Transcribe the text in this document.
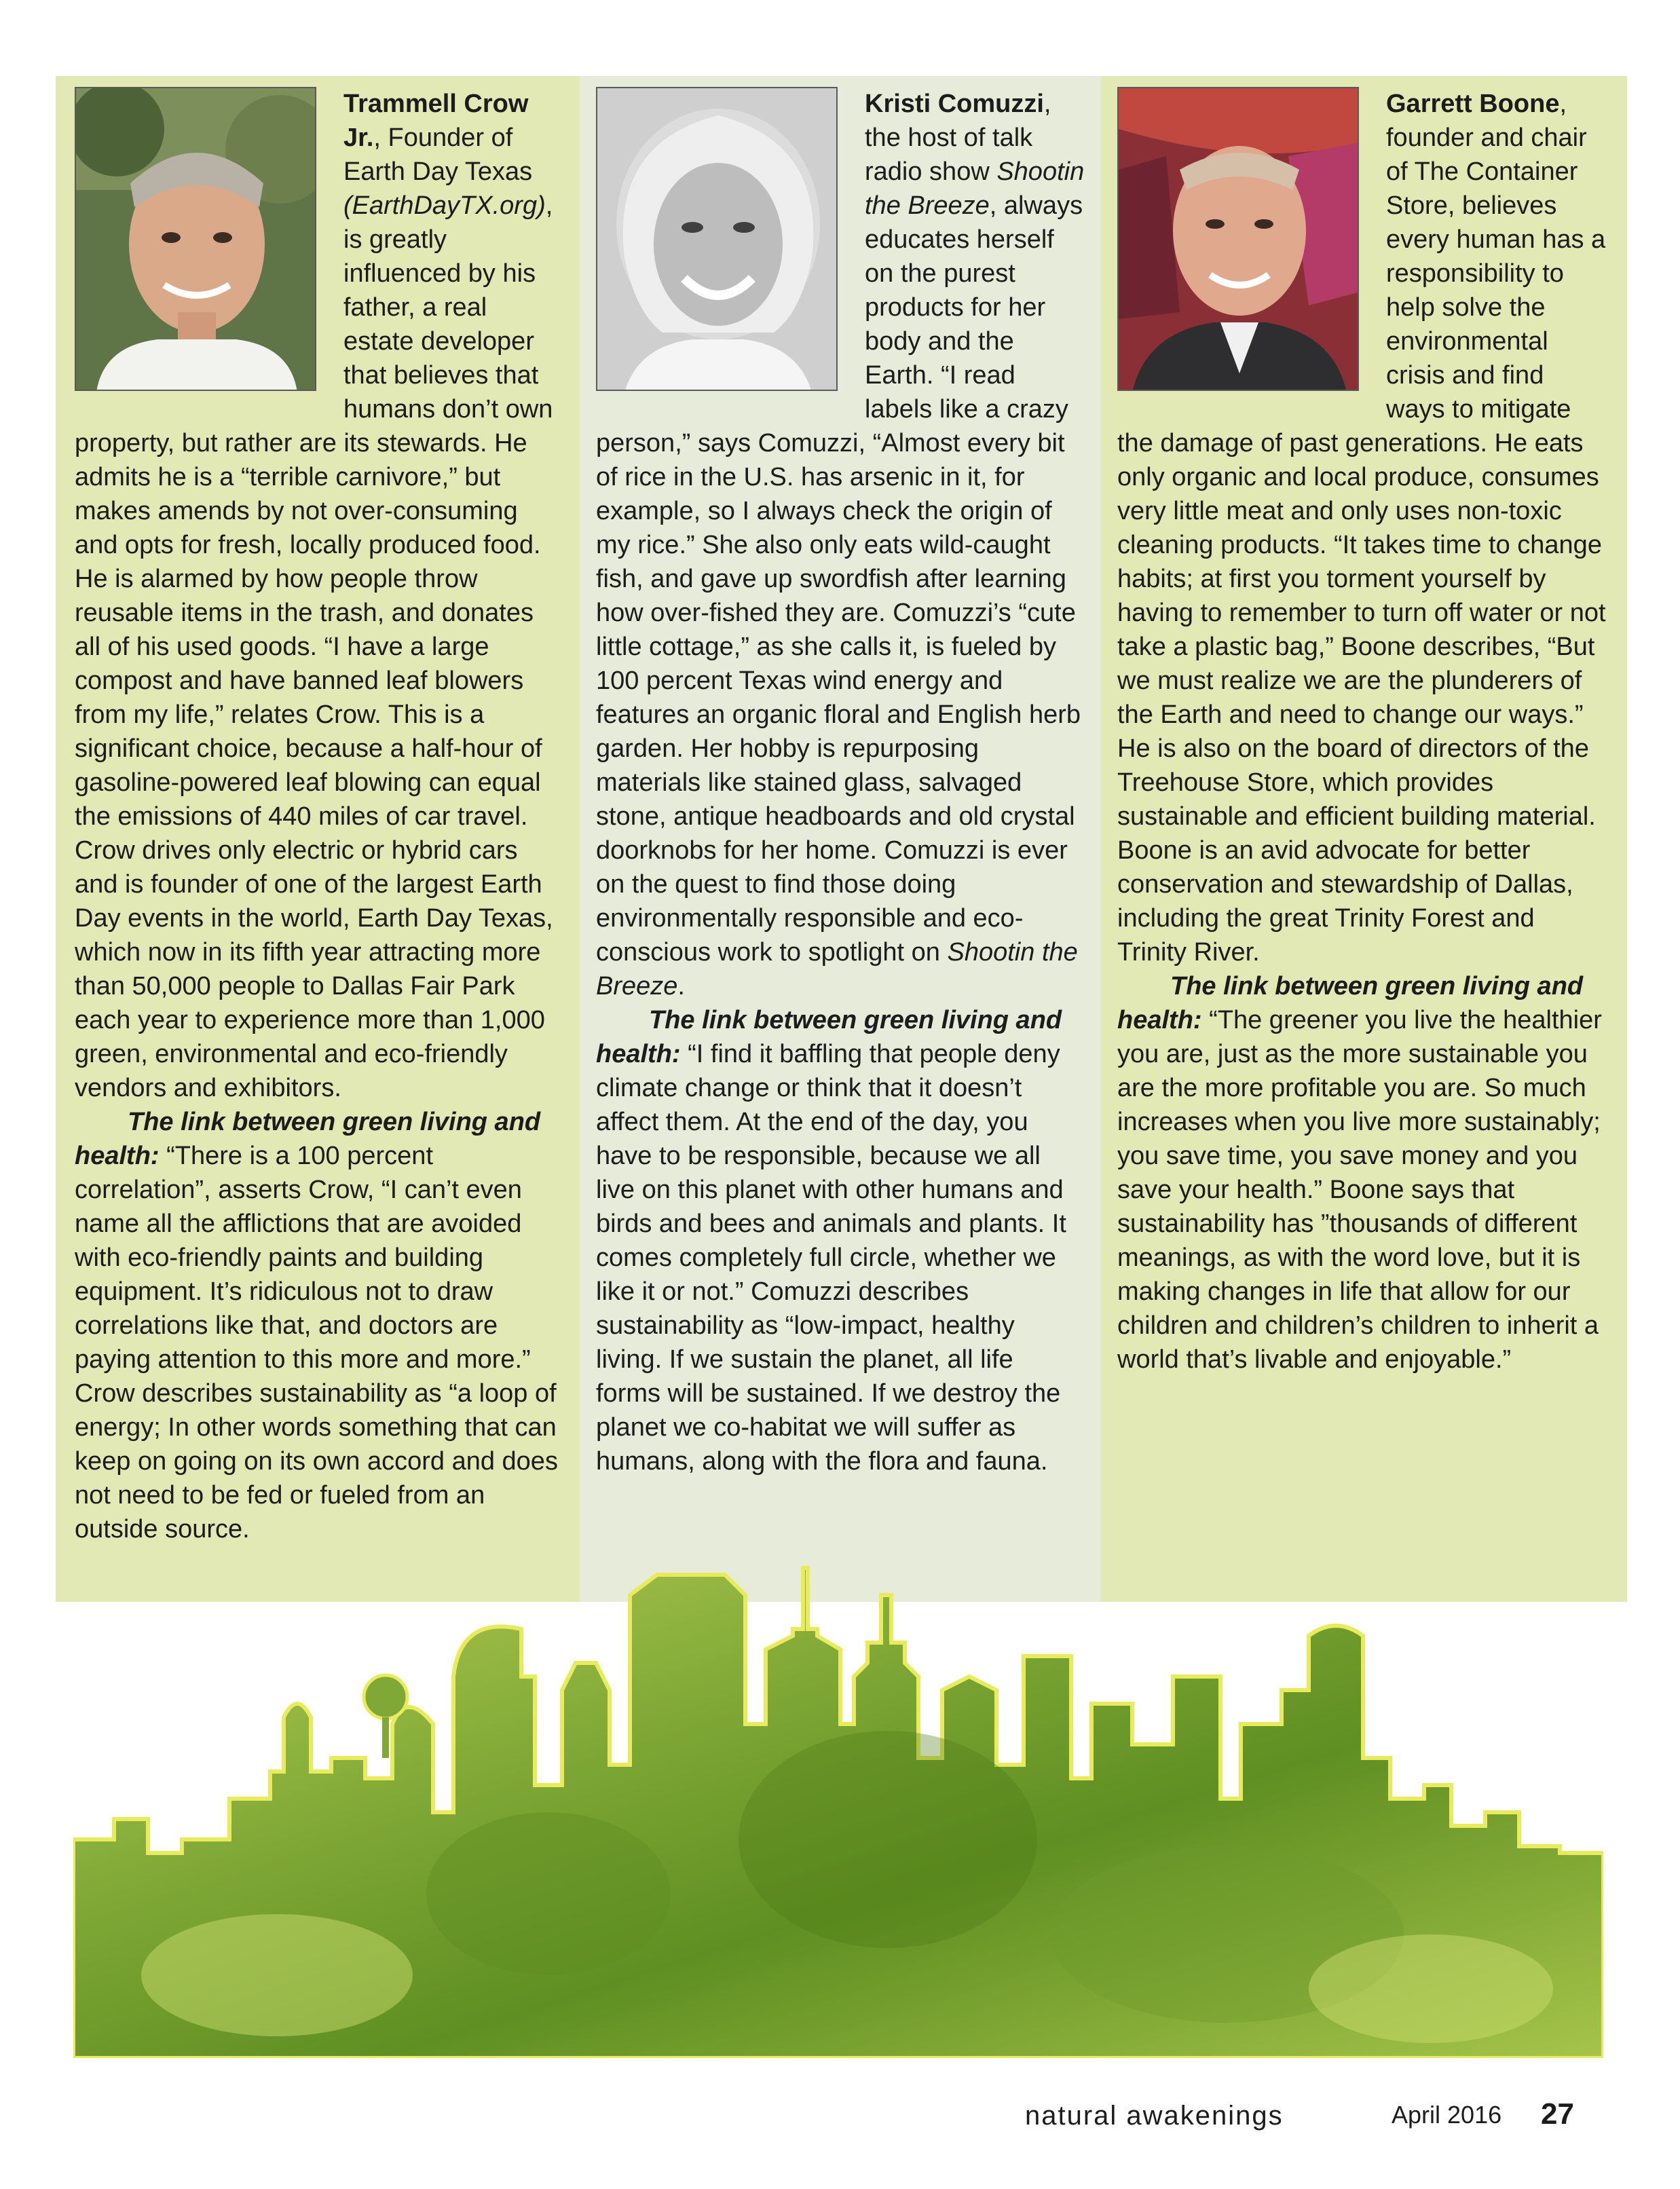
Trammell Crow Jr., Founder of Earth Day Texas (EarthDayTX.org), is greatly influenced by his father, a real estate developer that believes that humans don’t own property, but rather are its stewards. He admits he is a “terrible carnivore,” but makes amends by not over-consuming and opts for fresh, locally produced food. He is alarmed by how people throw reusable items in the trash, and donates all of his used goods. “I have a large compost and have banned leaf blowers from my life,” relates Crow. This is a significant choice, because a half-hour of gasoline-powered leaf blowing can equal the emissions of 440 miles of car travel. Crow drives only electric or hybrid cars and is founder of one of the largest Earth Day events in the world, Earth Day Texas, which now in its fifth year attracting more than 50,000 people to Dallas Fair Park each year to experience more than 1,000 green, environmental and eco-friendly vendors and exhibitors.

The link between green living and health: “There is a 100 percent correlation”, asserts Crow, “I can’t even name all the afflictions that are avoided with eco-friendly paints and building equipment. It’s ridiculous not to draw correlations like that, and doctors are paying attention to this more and more.” Crow describes sustainability as “a loop of energy; In other words something that can keep on going on its own accord and does not need to be fed or fueled from an outside source.

Kristi Comuzzi, the host of talk radio show Shootin the Breeze, always educates herself on the purest products for her body and the Earth. “I read labels like a crazy person,” says Comuzzi, “Almost every bit of rice in the U.S. has arsenic in it, for example, so I always check the origin of my rice.” She also only eats wild-caught fish, and gave up swordfish after learning how over-fished they are. Comuzzi’s “cute little cottage,” as she calls it, is fueled by 100 percent Texas wind energy and features an organic floral and English herb garden. Her hobby is repurposing materials like stained glass, salvaged stone, antique headboards and old crystal doorknobs for her home. Comuzzi is ever on the quest to find those doing environmentally responsible and eco-conscious work to spotlight on Shootin the Breeze.

The link between green living and health: “I find it baffling that people deny climate change or think that it doesn’t affect them. At the end of the day, you have to be responsible, because we all live on this planet with other humans and birds and bees and animals and plants. It comes completely full circle, whether we like it or not.” Comuzzi describes sustainability as “low-impact, healthy living. If we sustain the planet, all life forms will be sustained. If we destroy the planet we co-habitat we will suffer as humans, along with the flora and fauna.

Garrett Boone, founder and chair of The Container Store, believes every human has a responsibility to help solve the environmental crisis and find ways to mitigate the damage of past generations. He eats only organic and local produce, consumes very little meat and only uses non-toxic cleaning products. “It takes time to change habits; at first you torment yourself by having to remember to turn off water or not take a plastic bag,” Boone describes, “But we must realize we are the plunderers of the Earth and need to change our ways.” He is also on the board of directors of the Treehouse Store, which provides sustainable and efficient building material. Boone is an avid advocate for better conservation and stewardship of Dallas, including the great Trinity Forest and Trinity River.

The link between green living and health: “The greener you live the healthier you are, just as the more sustainable you are the more profitable you are. So much increases when you live more sustainably; you save time, you save money and you save your health.” Boone says that sustainability has ”thousands of different meanings, as with the word love, but it is making changes in life that allow for our children and children’s children to inherit a world that’s livable and enjoyable.”

natural awakenings	April 2016 27
